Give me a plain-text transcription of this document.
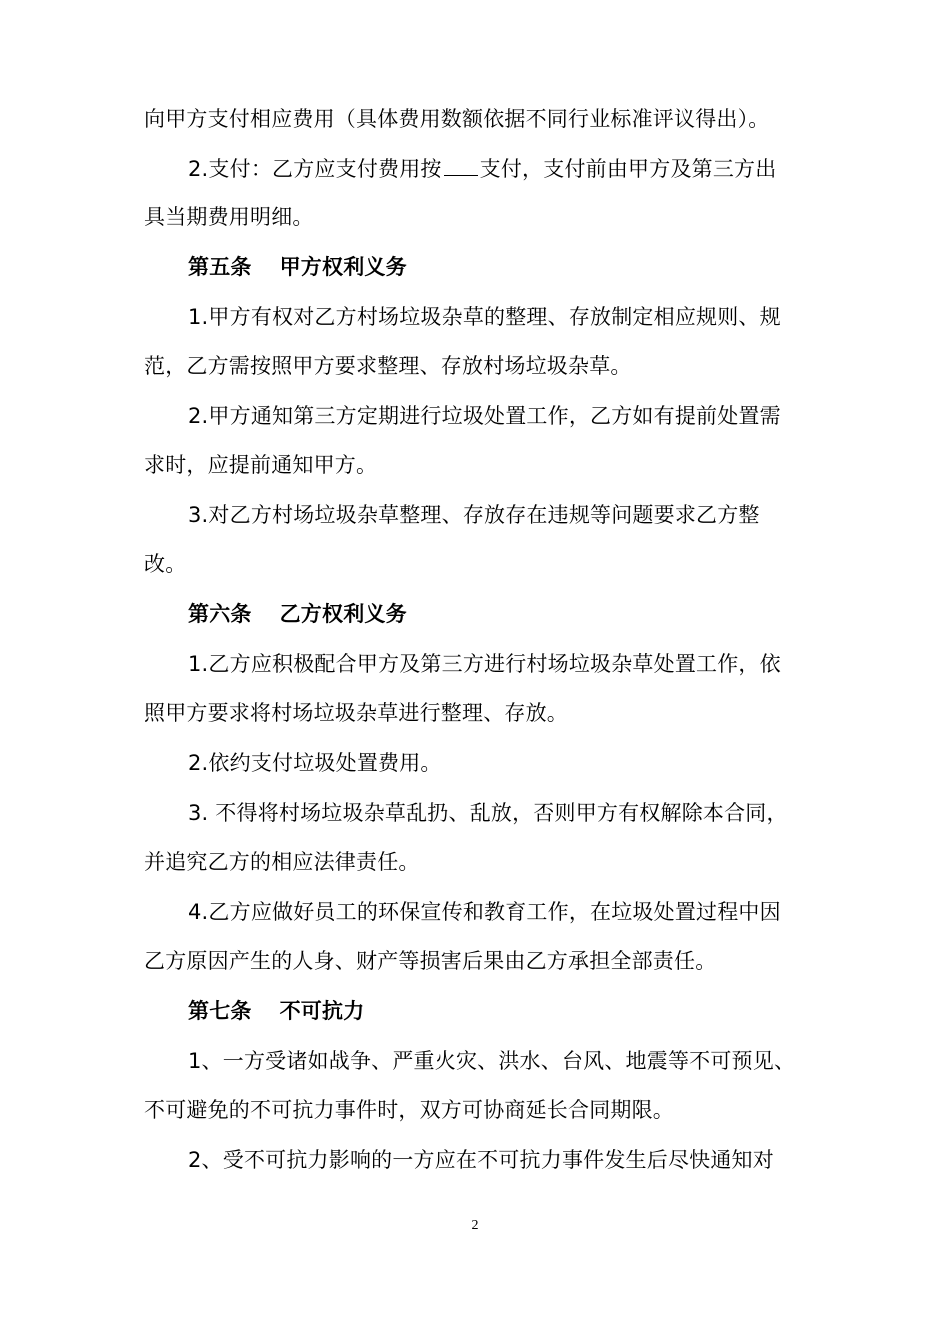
向甲方支付相应费用（具体费用数额依据不同行业标准评议得出）。
2.支付：乙方应支付费用按 支付，支付前由甲方及第三方出
具当期费用明细。
第五条 甲方权利义务
1.甲方有权对乙方村场垃圾杂草的整理、存放制定相应规则、规
范，乙方需按照甲方要求整理、存放村场垃圾杂草。
2.甲方通知第三方定期进行垃圾处置工作，乙方如有提前处置需
求时，应提前通知甲方。
3.对乙方村场垃圾杂草整理、存放存在违规等问题要求乙方整
改。
第六条 乙方权利义务
1.乙方应积极配合甲方及第三方进行村场垃圾杂草处置工作，依
照甲方要求将村场垃圾杂草进行整理、存放。
2.依约支付垃圾处置费用。
3. 不得将村场垃圾杂草乱扔、乱放，否则甲方有权解除本合同，
并追究乙方的相应法律责任。
4.乙方应做好员工的环保宣传和教育工作，在垃圾处置过程中因
乙方原因产生的人身、财产等损害后果由乙方承担全部责任。
第七条 不可抗力
1、一方受诸如战争、严重火灾、洪水、台风、地震等不可预见、
不可避免的不可抗力事件时，双方可协商延长合同期限。
2、受不可抗力影响的一方应在不可抗力事件发生后尽快通知对
2
